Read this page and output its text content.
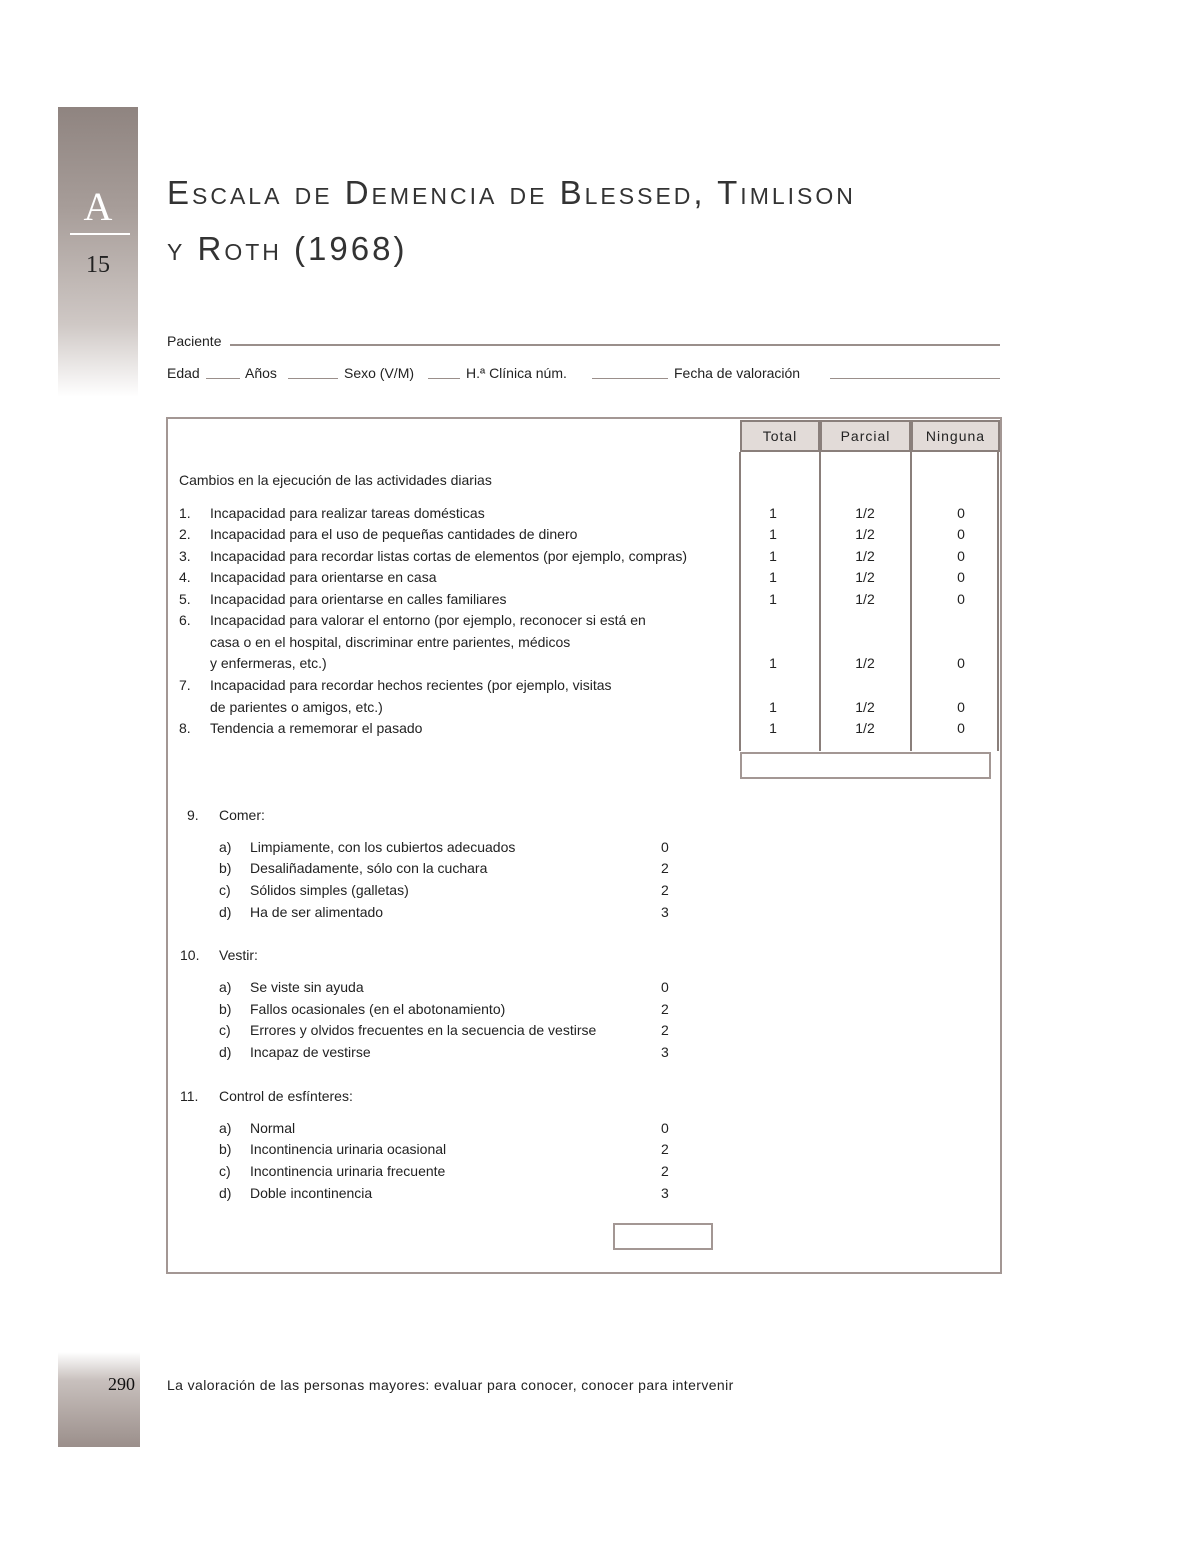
A
15
Escala de Demencia de Blessed, Timlison
y Roth (1968)
Paciente
Edad	Años	Sexo (V/M)	H.ª Clínica núm.	Fecha de valoración
Total	Parcial	Ninguna
Cambios en la ejecución de las actividades diarias
1. Incapacidad para realizar tareas domésticas	1	1/2	0
2. Incapacidad para el uso de pequeñas cantidades de dinero	1	1/2	0
3. Incapacidad para recordar listas cortas de elementos (por ejemplo, compras)	1	1/2	0
4. Incapacidad para orientarse en casa	1	1/2	0
5. Incapacidad para orientarse en calles familiares	1	1/2	0
6. Incapacidad para valorar el entorno (por ejemplo, reconocer si está en
casa o en el hospital, discriminar entre parientes, médicos
y enfermeras, etc.)	1	1/2	0
7. Incapacidad para recordar hechos recientes (por ejemplo, visitas
de parientes o amigos, etc.)	1	1/2	0
8. Tendencia a rememorar el pasado	1	1/2	0
9. Comer:
a) Limpiamente, con los cubiertos adecuados	0
b) Desaliñadamente, sólo con la cuchara	2
c) Sólidos simples (galletas)	2
d) Ha de ser alimentado	3
10. Vestir:
a) Se viste sin ayuda	0
b) Fallos ocasionales (en el abotonamiento)	2
c) Errores y olvidos frecuentes en la secuencia de vestirse	2
d) Incapaz de vestirse	3
11. Control de esfínteres:
a) Normal	0
b) Incontinencia urinaria ocasional	2
c) Incontinencia urinaria frecuente	2
d) Doble incontinencia	3
290 La valoración de las personas mayores: evaluar para conocer, conocer para intervenir
